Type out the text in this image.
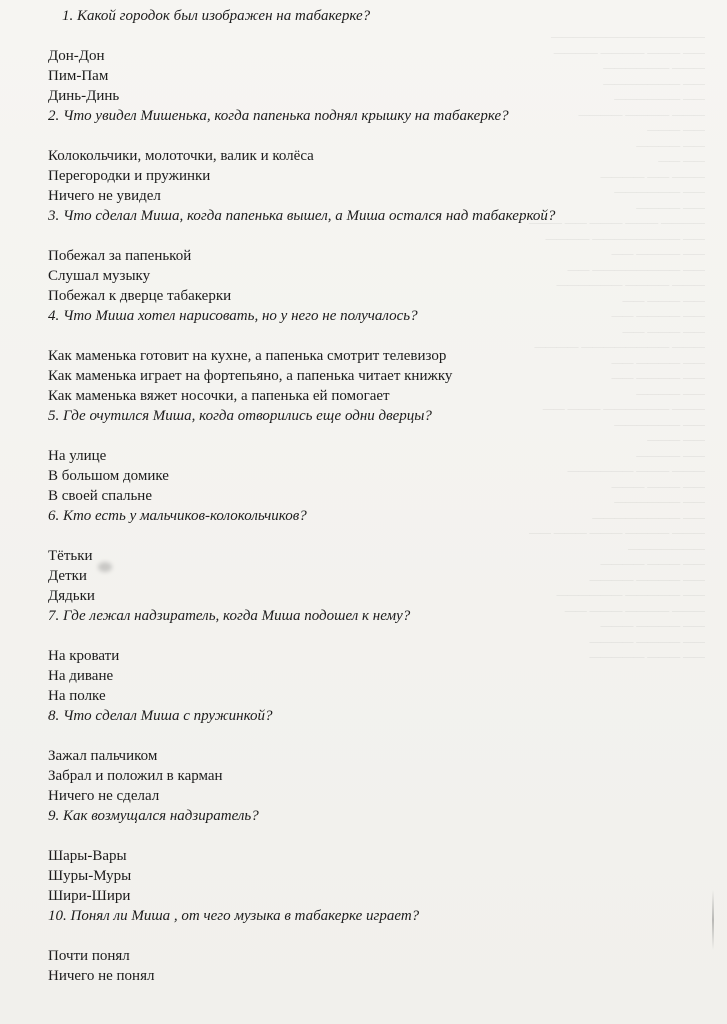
——————————————
—— ——— ———— ————
——— ——————
—— ———————
—— ——————
——— ———— ————
—— ———
—— ————
—— ——
——— —— ————
—— ——————
—— ————
———— ——— ——— —— ———
—— ———————— ————
—— ———— ——
—— ———————— ——
——— ———— ——————
—— ——— ——
—— ———— ——
—— ——— ——
——— ———————— ————
—— ———— ——
—— ———— ——
—— ————
——— —————— ——— ——
—— ——————
—— ———
—— ————
——— ——— ——————
—— ——— ———
—— ——————
—— ————————
——— ———— ——— ——— ——
———————
—— ——— ————
—— ———— ————
—— ————— ——————
——— ———— ——— ——
—— ———— ———
—— ———— ————
—— ——— —————
1. Какой городок был изображен на табакерке?
Дон-Дон
Пим-Пам
Динь-Динь
2. Что увидел Мишенька, когда папенька поднял крышку на табакерке?
Колокольчики, молоточки, валик и колёса
Перегородки и пружинки
Ничего не увидел
3. Что сделал Миша, когда папенька вышел, а Миша остался над табакеркой?
Побежал за папенькой
Слушал музыку
Побежал к дверце табакерки
4. Что Миша хотел нарисовать, но у него не получалось?
Как маменька готовит на кухне, а папенька смотрит телевизор
Как маменька играет на фортепьяно, а папенька читает книжку
Как маменька вяжет носочки, а папенька ей помогает
5. Где очутился Миша, когда отворились еще одни дверцы?
На улице
В большом домике
В своей спальне
6. Кто есть у мальчиков-колокольчиков?
Тётьки
Детки
Дядьки
7. Где лежал надзиратель, когда Миша подошел к нему?
На кровати
На диване
На полке
8. Что сделал Миша с пружинкой?
Зажал пальчиком
Забрал и положил в карман
Ничего не сделал
9. Как возмущался надзиратель?
Шары-Вары
Шуры-Муры
Шири-Шири
10. Понял ли Миша , от чего музыка в табакерке играет?
Почти понял
Ничего не понял
